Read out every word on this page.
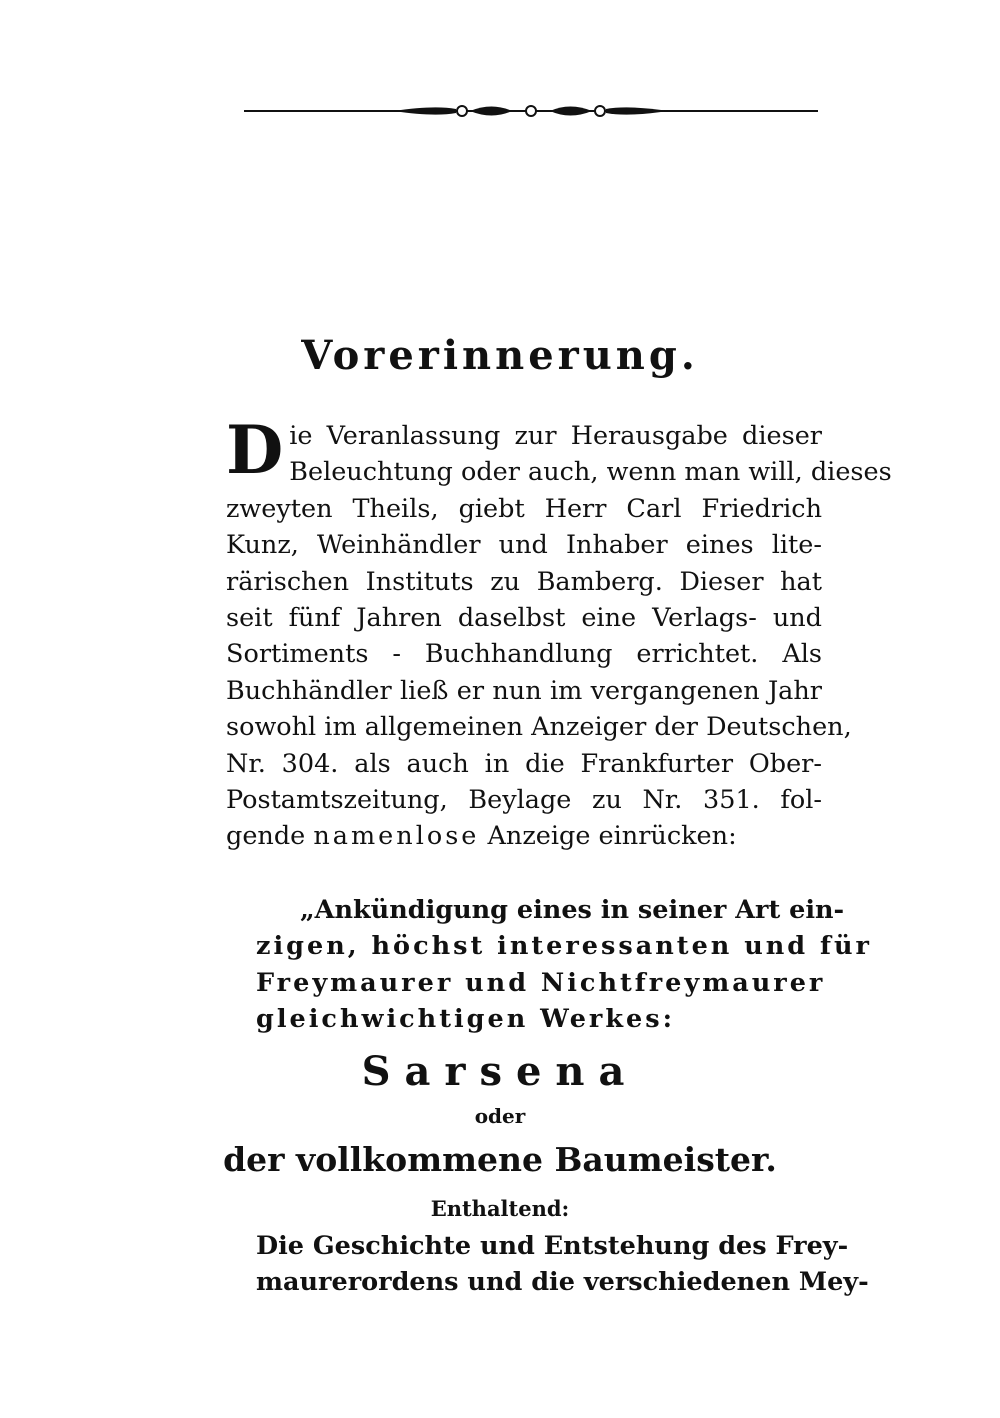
Vorerinnerung.
D ie Veranlassung zur Herausgabe dieser
Beleuchtung oder auch, wenn man will, dieses
zweyten Theils, giebt Herr Carl Friedrich
Kunz, Weinhändler und Inhaber eines lite-
rärischen Instituts zu Bamberg. Dieser hat
seit fünf Jahren daselbst eine Verlags- und
Sortiments - Buchhandlung errichtet. Als
Buchhändler ließ er nun im vergangenen Jahr
sowohl im allgemeinen Anzeiger der Deutschen,
Nr. 304. als auch in die Frankfurter Ober-
Postamtszeitung, Beylage zu Nr. 351. fol-
gende namenlose Anzeige einrücken:
„Ankündigung eines in seiner Art ein-
zigen, höchst interessanten und für
Freymaurer und Nichtfreymaurer
gleichwichtigen Werkes:

Sarsena

oder

der vollkommene Baumeister.

Enthaltend:

Die Geschichte und Entstehung des Frey-
maurerordens und die verschiedenen Mey-
